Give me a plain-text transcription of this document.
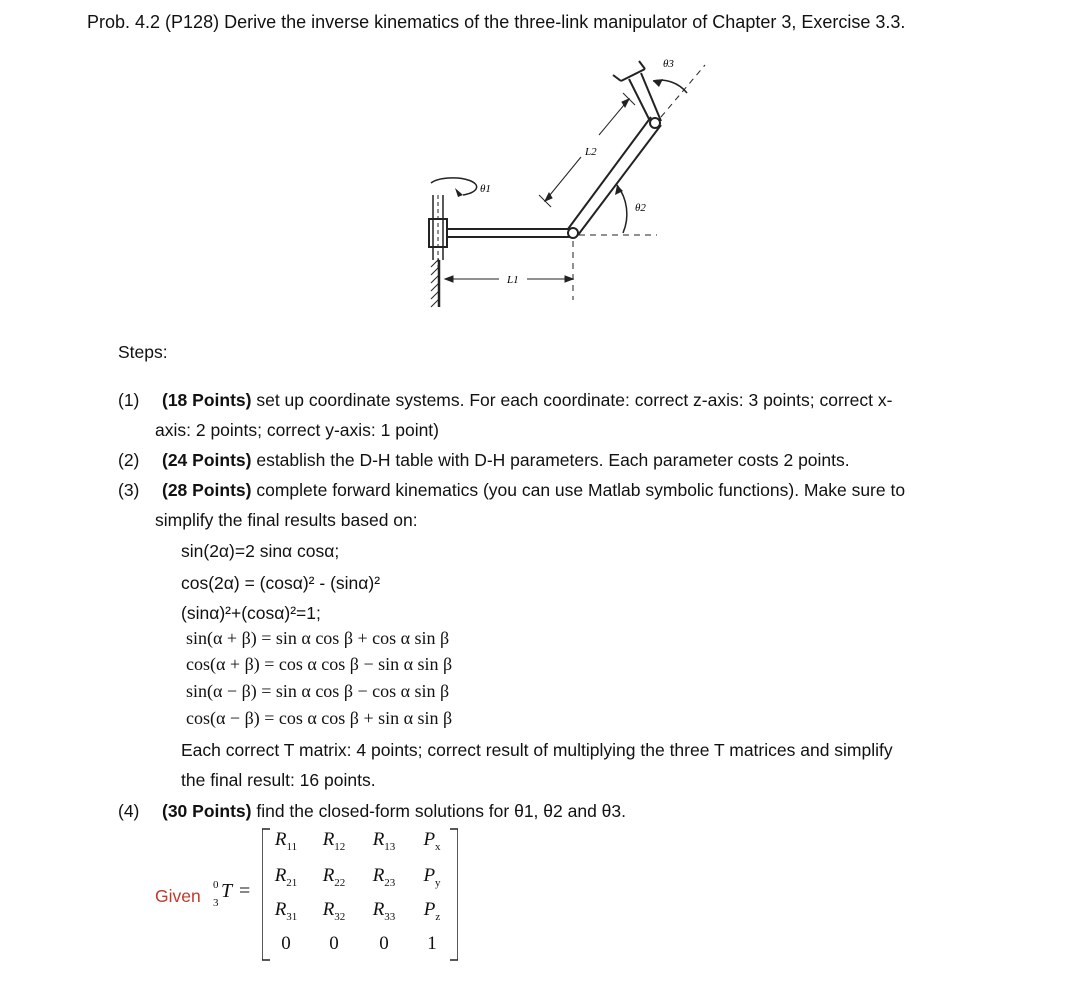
Prob. 4.2 (P128) Derive the inverse kinematics of the three-link manipulator of Chapter 3, Exercise 3.3.
θ1
θ2
θ3
L2
L1
Steps:
(1) (18 Points) set up coordinate systems. For each coordinate: correct z-axis: 3 points; correct x-
axis: 2 points; correct y-axis: 1 point)
(2) (24 Points) establish the D-H table with D-H parameters. Each parameter costs 2 points.
(3) (28 Points) complete forward kinematics (you can use Matlab symbolic functions). Make sure to
simplify the final results based on:
sin(2α)=2 sinα cosα;
cos(2α) = (cosα)² - (sinα)²
(sinα)²+(cosα)²=1;
sin(α + β) = sin α cos β + cos α sin β
cos(α + β) = cos α cos β − sin α sin β
sin(α − β) = sin α cos β − cos α sin β
cos(α − β) = cos α cos β + sin α sin β
Each correct T matrix: 4 points; correct result of multiplying the three T matrices and simplify
the final result: 16 points.
(4) (30 Points) find the closed-form solutions for θ1, θ2 and θ3.
Given
0
3
T =
$R_{11}$	$R_{12}$	$R_{13}$	$P_x$
$R_{21}$	$R_{22}$	$R_{23}$	$P_y$
$R_{31}$	$R_{32}$	$R_{33}$	$P_z$
0	0	0	1
